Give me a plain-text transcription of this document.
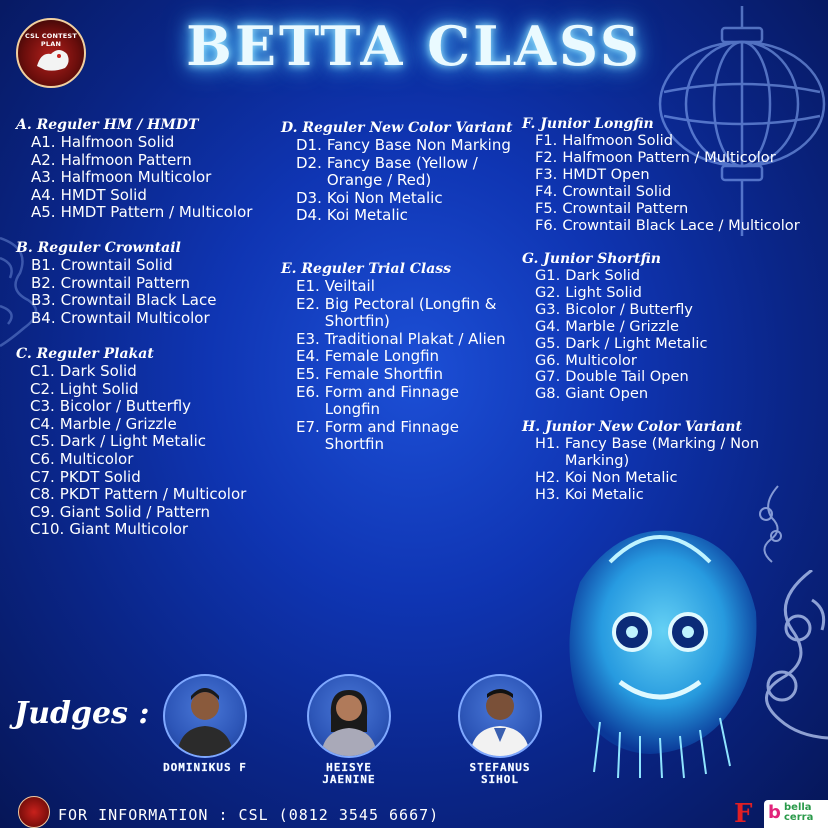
CSL CONTEST PLAN	BETTA CLASS
A. Reguler HM / HMDT
A1. Halfmoon Solid
A2. Halfmoon Pattern
A3. Halfmoon Multicolor
A4. HMDT Solid
A5. HMDT Pattern / Multicolor
B. Reguler Crowntail
B1. Crowntail Solid
B2. Crowntail Pattern
B3. Crowntail Black Lace
B4. Crowntail Multicolor
C. Reguler Plakat
C1. Dark Solid
C2. Light Solid
C3. Bicolor / Butterfly
C4. Marble / Grizzle
C5. Dark / Light Metalic
C6. Multicolor
C7. PKDT Solid
C8. PKDT Pattern / Multicolor
C9. Giant Solid / Pattern
C10. Giant Multicolor
D. Reguler New Color Variant
D1. Fancy Base Non Marking
D2. Fancy Base (Yellow / Orange / Red)
D3. Koi Non Metalic
D4. Koi Metalic
E. Reguler Trial Class
E1. Veiltail
E2. Big Pectoral (Longfin & Shortfin)
E3. Traditional Plakat / Alien
E4. Female Longfin
E5. Female Shortfin
E6. Form and Finnage Longfin
E7. Form and Finnage Shortfin
F. Junior Longfin
F1. Halfmoon Solid
F2. Halfmoon Pattern / Multicolor
F3. HMDT Open
F4. Crowntail Solid
F5. Crowntail Pattern
F6. Crowntail Black Lace / Multicolor
G. Junior Shortfin
G1. Dark Solid
G2. Light Solid
G3. Bicolor / Butterfly
G4. Marble / Grizzle
G5. Dark / Light Metalic
G6. Multicolor
G7. Double Tail Open
G8. Giant Open
H. Junior New Color Variant
H1. Fancy Base (Marking / Non Marking)
H2. Koi Non Metalic
H3. Koi Metalic
Judges :
DOMINIKUS F	HEISYE
JAENINE
STEFANUS
SIHOL
FOR INFORMATION : CSL (0812 3545 6667)	F b bella
cerra
